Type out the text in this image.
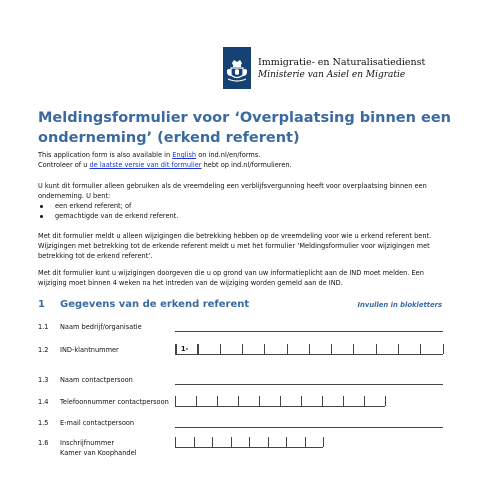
Immigratie- en Naturalisatiedienst
Ministerie van Asiel en Migratie
Meldingsformulier voor ‘Overplaatsing binnen een onderneming’ (erkend referent)
This application form is also available in English on ind.nl/en/forms.
Controleer of u de laatste versie van dit formulier hebt op ind.nl/formulieren.
U kunt dit formulier alleen gebruiken als de vreemdeling een verblijfsvergunning heeft voor overplaatsing binnen een
onderneming. U bent:
een erkend referent; of
gemachtigde van de erkend referent.
Met dit formulier meldt u alleen wijzigingen die betrekking hebben op de vreemdeling voor wie u erkend referent bent.
Wijzigingen met betrekking tot de erkende referent meldt u met het formulier ‘Meldingsformulier voor wijzigingen met
betrekking tot de erkend referent’.
Met dit formulier kunt u wijzigingen doorgeven die u op grond van uw informatieplicht aan de IND moet melden. Een
wijziging moet binnen 4 weken na het intreden van de wijziging worden gemeld aan de IND.
1 Gegevens van de erkend referent	Invullen in blokletters
1.1 Naam bedrijf/organisatie
1.2 IND-klantnummer	1-
1.3 Naam contactpersoon
1.4 Telefoonnummer contactpersoon
1.5 E-mail contactpersoon
1.6 Inschrijfnummer
Kamer van Koophandel
